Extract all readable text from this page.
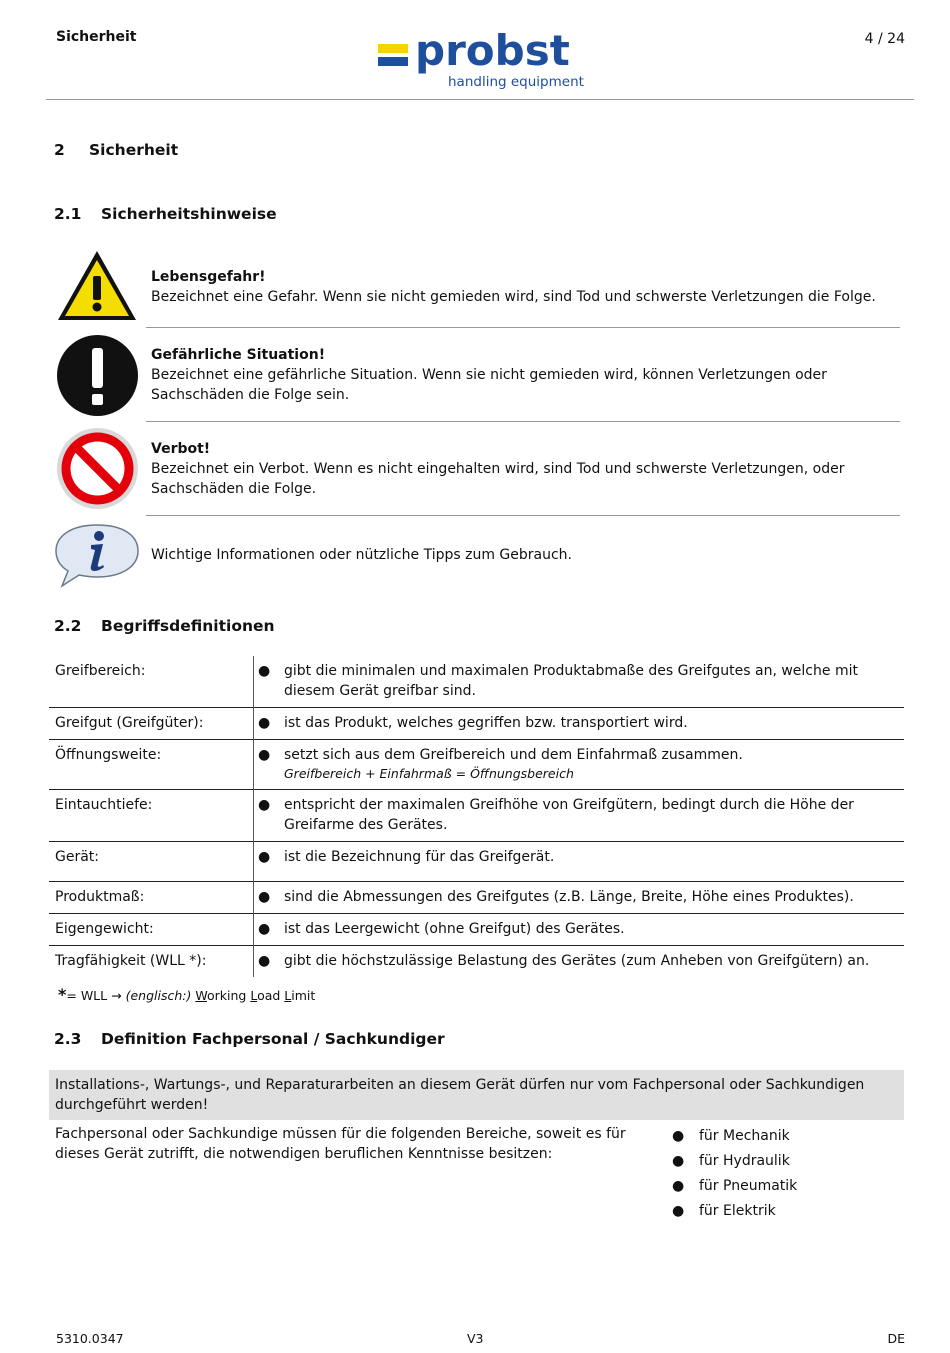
Sicherheit	probst
handling equipment
4 / 24
2 Sicherheit
2.1 Sicherheitshinweise
Lebensgefahr!
Bezeichnet eine Gefahr. Wenn sie nicht gemieden wird, sind Tod und schwerste Verletzungen die Folge.
Gefährliche Situation!
Bezeichnet eine gefährliche Situation. Wenn sie nicht gemieden wird, können Verletzungen oder Sachschäden die Folge sein.
Verbot!
Bezeichnet ein Verbot. Wenn es nicht eingehalten wird, sind Tod und schwerste Verletzungen, oder Sachschäden die Folge.
Wichtige Informationen oder nützliche Tipps zum Gebrauch.
2.2 Begriffsdefinitionen
Greifbereich:	●	gibt die minimalen und maximalen Produktabmaße des Greifgutes an, welche mit diesem Gerät greifbar sind.
Greifgut (Greifgüter):	●	ist das Produkt, welches gegriffen bzw. transportiert wird.
Öffnungsweite:	●	setzt sich aus dem Greifbereich und dem Einfahrmaß zusammen.
Greifbereich + Einfahrmaß = Öffnungsbereich

Eintauchtiefe:	●	entspricht der maximalen Greifhöhe von Greifgütern, bedingt durch die Höhe der Greifarme des Gerätes.
Gerät:	●	ist die Bezeichnung für das Greifgerät.
Produktmaß:	●	sind die Abmessungen des Greifgutes (z.B. Länge, Breite, Höhe eines Produktes).
Eigengewicht:	●	ist das Leergewicht (ohne Greifgut) des Gerätes.
Tragfähigkeit (WLL *):	●	gibt die höchstzulässige Belastung des Gerätes (zum Anheben von Greifgütern) an.
*= WLL → (englisch:) Working Load Limit
2.3 Definition Fachpersonal / Sachkundiger
Installations-, Wartungs-, und Reparaturarbeiten an diesem Gerät dürfen nur vom Fachpersonal oder Sachkundigen durchgeführt werden!
Fachpersonal oder Sachkundige müssen für die folgenden Bereiche, soweit es für dieses Gerät zutrifft, die notwendigen beruflichen Kenntnisse besitzen:
●	für Mechanik
●	für Hydraulik
●	für Pneumatik
●	für Elektrik
5310.0347	V3	DE
